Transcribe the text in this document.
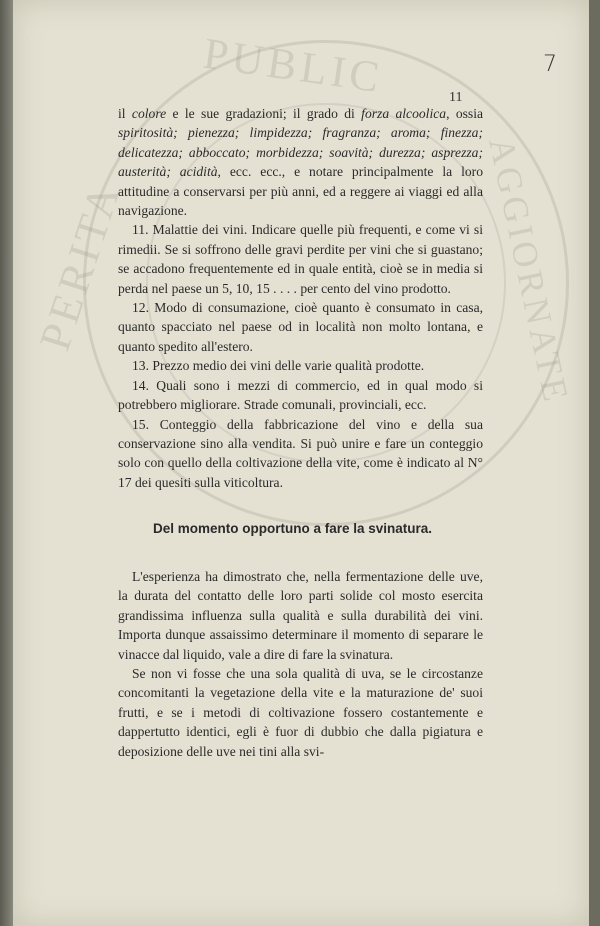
PUBLIC
PERITA	AGGIORNATE
7
11

il colore e le sue gradazioni; il grado di forza alcoolica, ossia spiritosità; pienezza; limpidezza; fragranza; aroma; finezza; delicatezza; abboccato; morbidezza; soavità; durezza; asprezza; austerità; acidità, ecc. ecc., e notare principalmente la loro attitudine a conservarsi per più anni, ed a reggere ai viaggi ed alla navigazione.

11. Malattie dei vini. Indicare quelle più frequenti, e come vi si rimedii. Se si soffrono delle gravi perdite per vini che si guastano; se accadono frequentemente ed in quale entità, cioè se in media si perda nel paese un 5, 10, 15 . . . . per cento del vino prodotto.

12. Modo di consumazione, cioè quanto è consumato in casa, quanto spacciato nel paese od in località non molto lontana, e quanto spedito all'estero.

13. Prezzo medio dei vini delle varie qualità prodotte.

14. Quali sono i mezzi di commercio, ed in qual modo si potrebbero migliorare. Strade comunali, provinciali, ecc.

15. Conteggio della fabbricazione del vino e della sua conservazione sino alla vendita. Si può unire e fare un conteggio solo con quello della coltivazione della vite, come è indicato al N° 17 dei quesiti sulla viticoltura.

Del momento opportuno a fare la svinatura.

L'esperienza ha dimostrato che, nella fermentazione delle uve, la durata del contatto delle loro parti solide col mosto esercita grandissima influenza sulla qualità e sulla durabilità dei vini. Importa dunque assaissimo determinare il momento di separare le vinacce dal liquido, vale a dire di fare la svinatura.

Se non vi fosse che una sola qualità di uva, se le circostanze concomitanti la vegetazione della vite e la maturazione de' suoi frutti, e se i metodi di coltivazione fossero costantemente e dappertutto identici, egli è fuor di dubbio che dalla pigiatura e deposizione delle uve nei tini alla svi-
